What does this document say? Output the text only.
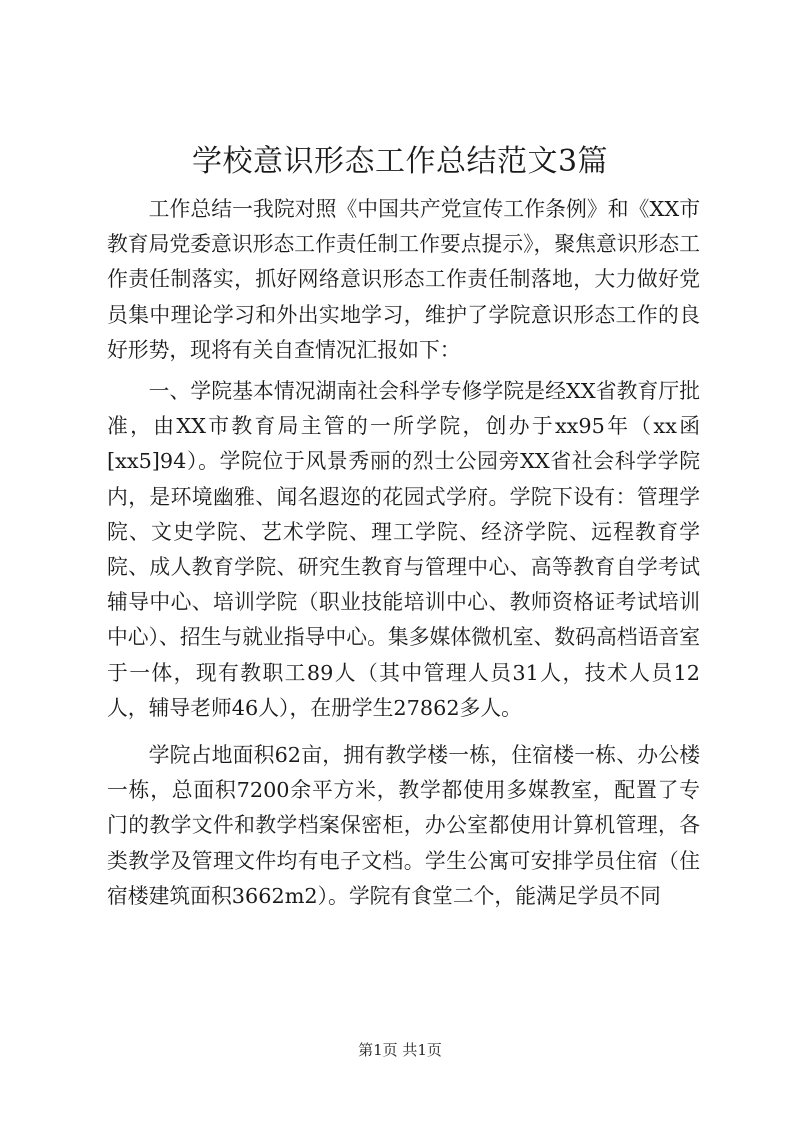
学校意识形态工作总结范文3篇

工作总结一我院对照《中国共产党宣传工作条例》和《XX市教育局党委意识形态工作责任制工作要点提示》，聚焦意识形态工作责任制落实，抓好网络意识形态工作责任制落地，大力做好党员集中理论学习和外出实地学习，维护了学院意识形态工作的良好形势，现将有关自查情况汇报如下：

一、学院基本情况湖南社会科学专修学院是经XX省教育厅批准，由XX市教育局主管的一所学院，创办于xx95年（xx函[xx5]94）。学院位于风景秀丽的烈士公园旁XX省社会科学学院内，是环境幽雅、闻名遐迩的花园式学府。学院下设有：管理学院、文史学院、艺术学院、理工学院、经济学院、远程教育学院、成人教育学院、研究生教育与管理中心、高等教育自学考试辅导中心、培训学院（职业技能培训中心、教师资格证考试培训中心）、招生与就业指导中心。集多媒体微机室、数码高档语音室于一体，现有教职工89人（其中管理人员31人，技术人员12人，辅导老师46人），在册学生27862多人。

学院占地面积62亩，拥有教学楼一栋，住宿楼一栋、办公楼一栋，总面积7200余平方米，教学都使用多媒教室，配置了专门的教学文件和教学档案保密柜，办公室都使用计算机管理，各类教学及管理文件均有电子文档。学生公寓可安排学员住宿（住宿楼建筑面积3662m2）。学院有食堂二个，能满足学员不同

第1页 共1页
